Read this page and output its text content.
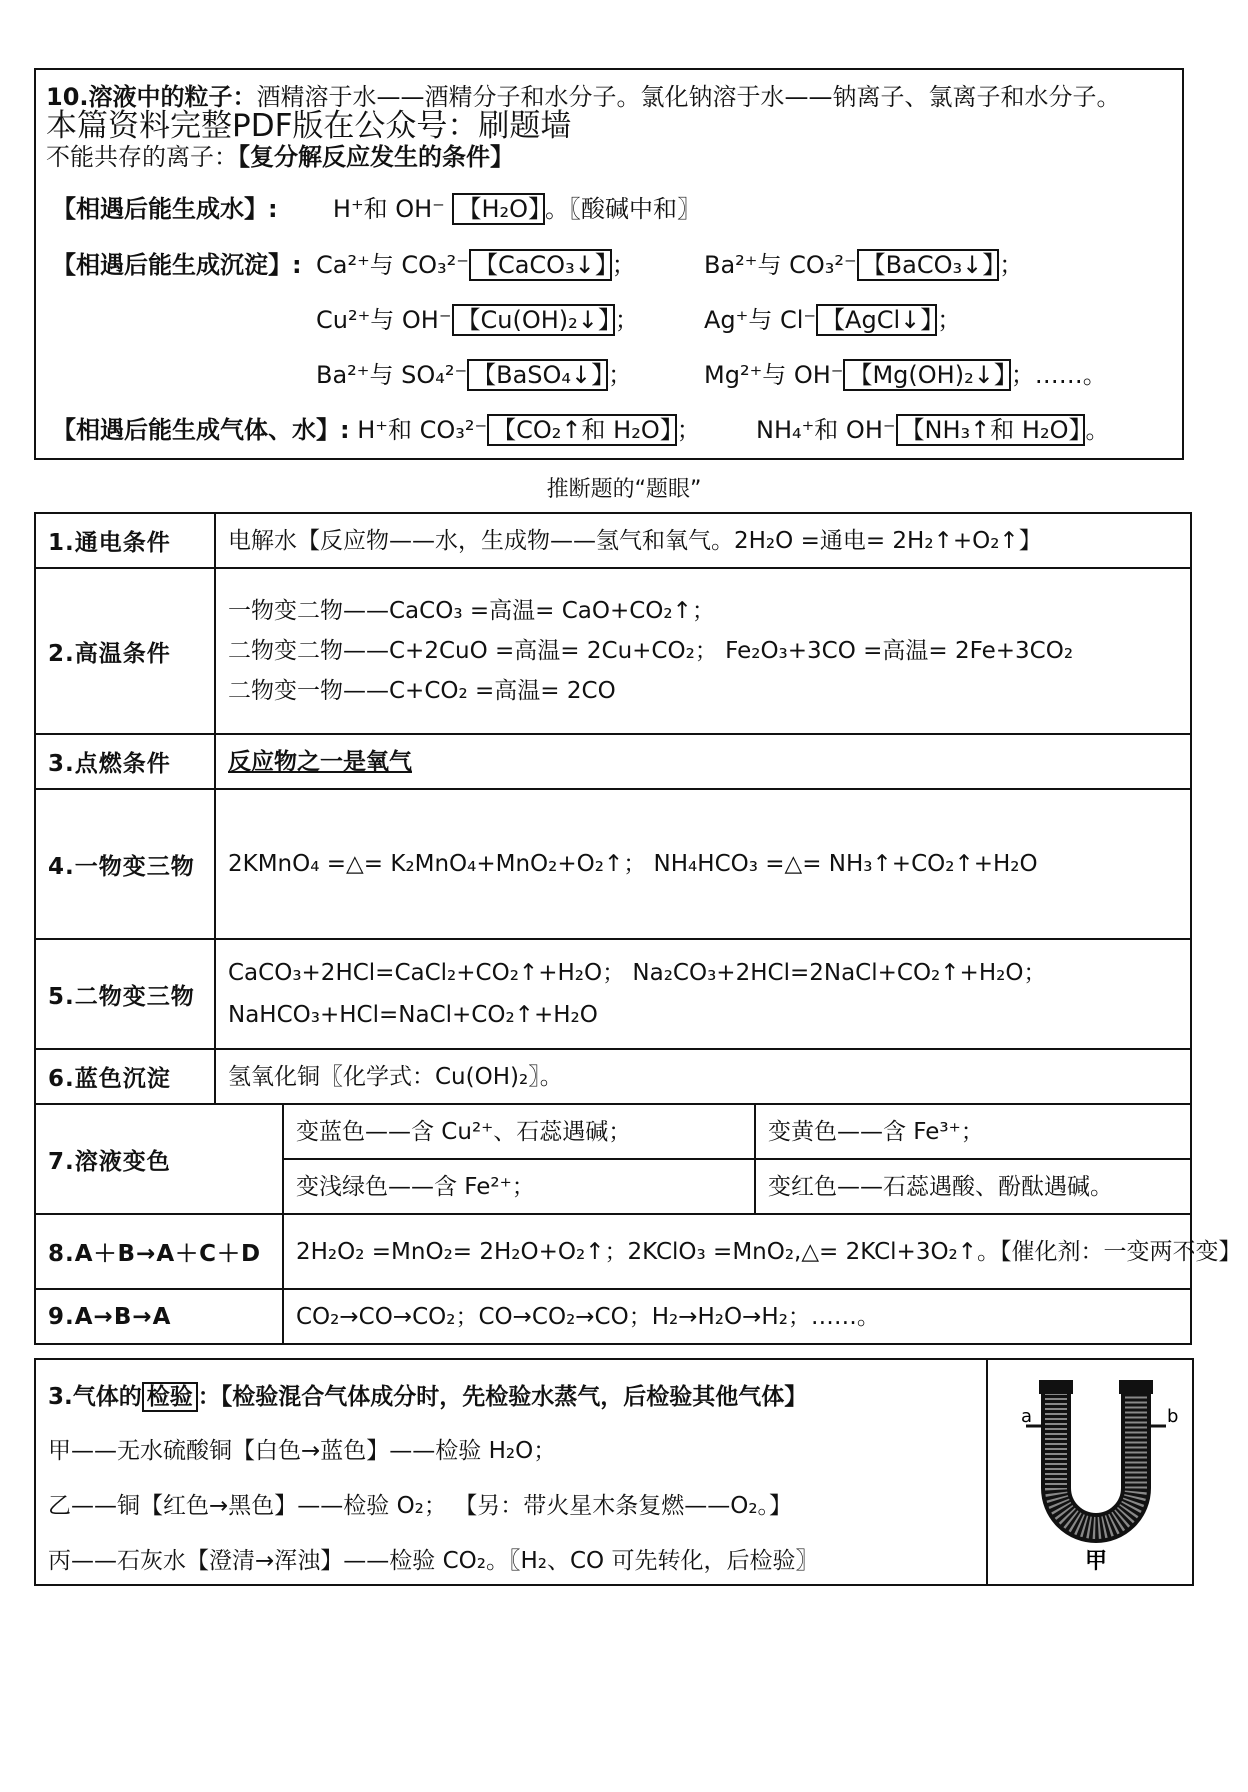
10.溶液中的粒子：酒精溶于水——酒精分子和水分子。氯化钠溶于水——钠离子、氯离子和水分子。
本篇资料完整PDF版在公众号：刷题墙
不能共存的离子：【复分解反应发生的条件】
【相遇后能生成水】: H⁺和 OH⁻ 【H₂O】 。〖酸碱中和〗
【相遇后能生成沉淀】: Ca²⁺与 CO₃²⁻ 【CaCO₃↓】 ；	Ba²⁺与 CO₃²⁻ 【BaCO₃↓】 ；
Cu²⁺与 OH⁻ 【Cu(OH)₂↓】 ；	Ag⁺与 Cl⁻ 【AgCl↓】 ；
Ba²⁺与 SO₄²⁻ 【BaSO₄↓】 ；	Mg²⁺与 OH⁻ 【Mg(OH)₂↓】 ；……。
【相遇后能生成气体、水】: H⁺和 CO₃²⁻ 【CO₂↑和 H₂O】 ；  NH₄⁺和 OH⁻ 【NH₃↑和 H₂O】 。
推断题的“题眼”
1.通电条件	电解水【反应物——水，生成物——氢气和氧气。2H₂O =通电= 2H₂↑+O₂↑】		

2.高温条件	一物变二物——CaCO₃ =高温= CaO+CO₂↑；
二物变二物——C+2CuO =高温= 2Cu+CO₂； Fe₂O₃+3CO =高温= 2Fe+3CO₂
二物变一物——C+CO₂ =高温= 2CO		

3.点燃条件	反应物之一是氧气		

4.一物变三物	2KMnO₄ =△= K₂MnO₄+MnO₂+O₂↑； NH₄HCO₃ =△= NH₃↑+CO₂↑+H₂O		

5.二物变三物	CaCO₃+2HCl=CaCl₂+CO₂↑+H₂O； Na₂CO₃+2HCl=2NaCl+CO₂↑+H₂O；
NaHCO₃+HCl=NaCl+CO₂↑+H₂O		

6.蓝色沉淀	氢氧化铜〖化学式：Cu(OH)₂〗。		

7.溶液变色		变蓝色——含 Cu²⁺、石蕊遇碱；	变黄色——含 Fe³⁺；

		变浅绿色——含 Fe²⁺；	变红色——石蕊遇酸、酚酞遇碱。

8.A＋B→A＋C＋D		2H₂O₂ =MnO₂= 2H₂O+O₂↑；2KClO₃ =MnO₂,△= 2KCl+3O₂↑。【催化剂：一变两不变】	

9.A→B→A		CO₂→CO→CO₂；CO→CO₂→CO；H₂→H₂O→H₂；……。	
3.气体的 检验 ：【检验混合气体成分时，先检验水蒸气，后检验其他气体】
甲——无水硫酸铜【白色→蓝色】——检验 H₂O；
乙——铜【红色→黑色】——检验 O₂； 【另：带火星木条复燃——O₂。】
丙——石灰水【澄清→浑浊】——检验 CO₂。〖H₂、CO 可先转化，后检验〗
a	b
甲
